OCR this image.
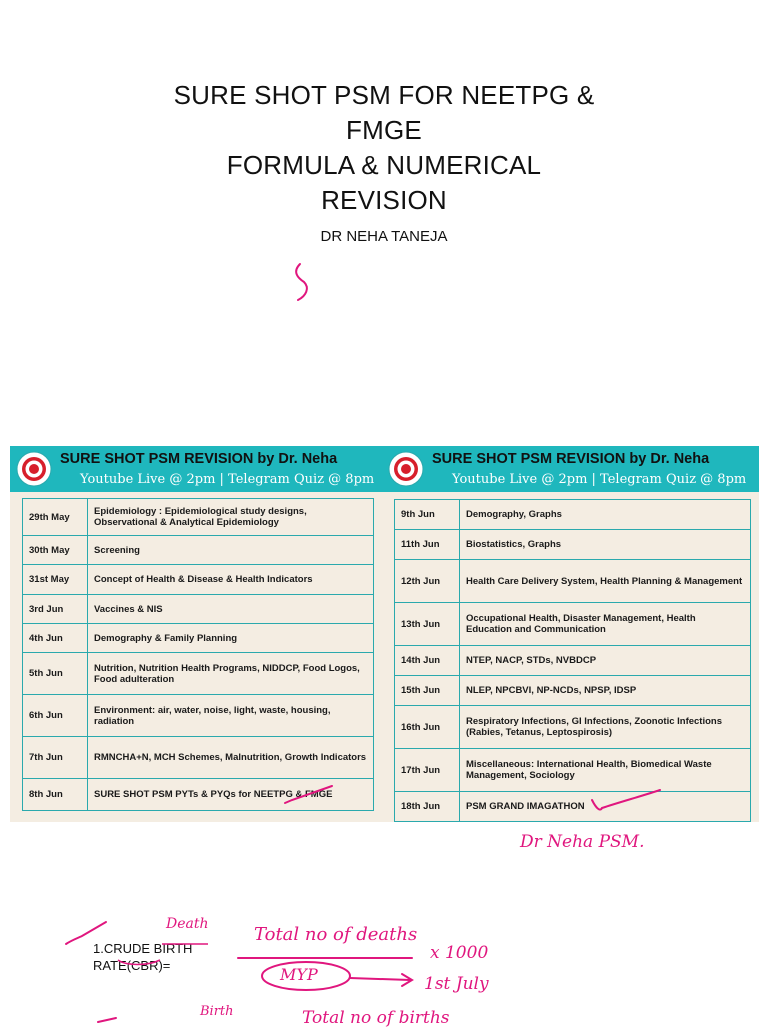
SURE SHOT PSM FOR NEETPG &
FMGE
FORMULA & NUMERICAL
REVISION
DR NEHA TANEJA
SURE SHOT PSM REVISION by Dr. Neha
Youtube Live @ 2pm | Telegram Quiz @ 8pm
29th May	Epidemiology : Epidemiological study designs, Observational & Analytical Epidemiology
30th May	Screening
31st May	Concept of Health & Disease & Health Indicators
3rd Jun	Vaccines & NIS
4th Jun	Demography & Family Planning
5th Jun	Nutrition, Nutrition Health Programs, NIDDCP, Food Logos, Food adulteration
6th Jun	Environment: air, water, noise, light, waste, housing, radiation
7th Jun	RMNCHA+N, MCH Schemes, Malnutrition, Growth Indicators
8th Jun	SURE SHOT PSM PYTs & PYQs for NEETPG & FMGE
SURE SHOT PSM REVISION by Dr. Neha
Youtube Live @ 2pm | Telegram Quiz @ 8pm
9th Jun	Demography, Graphs
11th Jun	Biostatistics, Graphs
12th Jun	Health Care Delivery System, Health Planning & Management
13th Jun	Occupational Health, Disaster Management, Health Education and Communication
14th Jun	NTEP, NACP, STDs, NVBDCP
15th Jun	NLEP, NPCBVI, NP-NCDs, NPSP, IDSP
16th Jun	Respiratory Infections, GI Infections, Zoonotic Infections (Rabies, Tetanus, Leptospirosis)
17th Jun	Miscellaneous: International Health, Biomedical Waste Management, Sociology
18th Jun	PSM GRAND IMAGATHON
1.CRUDE BIRTH
RATE(CBR)=
Dr Neha PSM.
Death	Total no of deaths
x 1000
MYP	1st July
Birth	Total no of births
